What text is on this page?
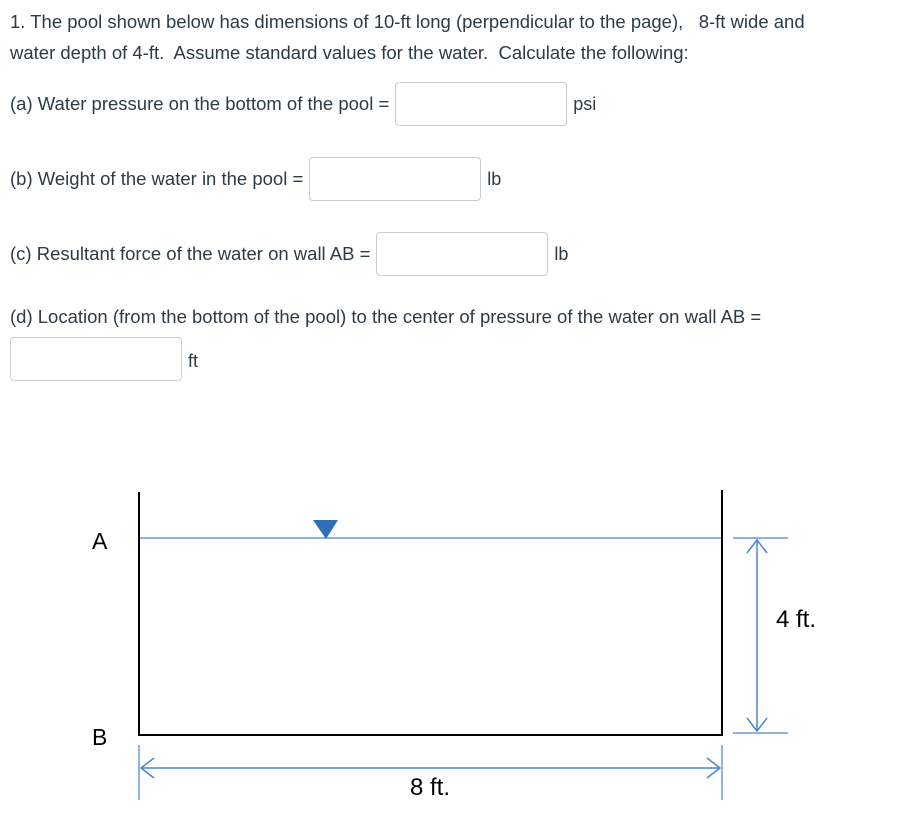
1. The pool shown below has dimensions of 10-ft long (perpendicular to the page),   8-ft wide and
water depth of 4-ft.  Assume standard values for the water.  Calculate the following:
(a) Water pressure on the bottom of the pool =	psi
(b) Weight of the water in the pool =	lb
(c) Resultant force of the water on wall AB =	lb
(d) Location (from the bottom of the pool) to the center of pressure of the water on wall AB =
ft
A
B
4 ft.
8 ft.
